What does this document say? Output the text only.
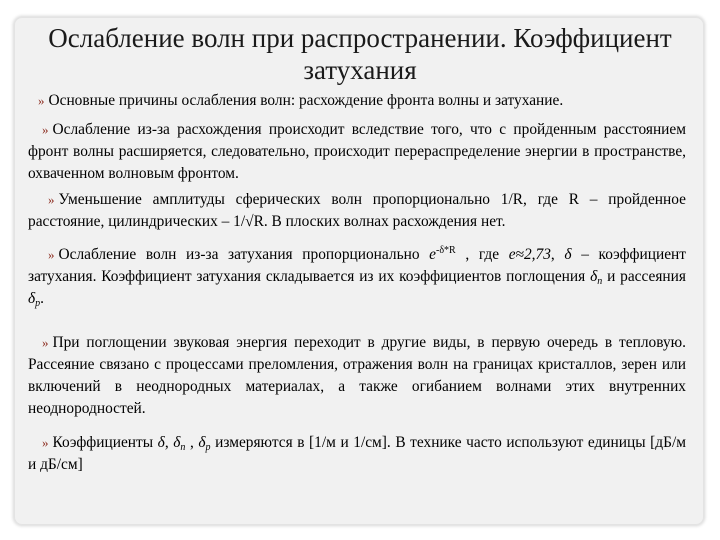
Ослабление волн при распространении. Коэффициент
затухания
» Основные причины ослабления волн: расхождение фронта волны и затухание.
» Ослабление из-за расхождения происходит вследствие того, что с пройденным расстоянием фронт волны расширяется, следовательно, происходит перераспределение энергии в пространстве, охваченном волновым фронтом.
» Уменьшение амплитуды сферических волн пропорционально 1/R, где R – пройденное расстояние, цилиндрических – 1/√R. В плоских волнах расхождения нет.
» Ослабление волн из-за затухания пропорционально $e^{-\delta*R}$ , где e≈2,73, δ – коэффициент затухания. Коэффициент затухания складывается из их коэффициентов поглощения $\delta_п$ и рассеяния $\delta_р$.
» При поглощении звуковая энергия переходит в другие виды, в первую очередь в тепловую. Рассеяние связано с процессами преломления, отражения волн на границах кристаллов, зерен или включений в неоднородных материалах, а также огибанием волнами этих внутренних неоднородностей.
» Коэффициенты δ, $\delta_п$ , $\delta_р$ измеряются в [1/м и 1/см]. В технике часто используют единицы [дБ/м и дБ/см]
